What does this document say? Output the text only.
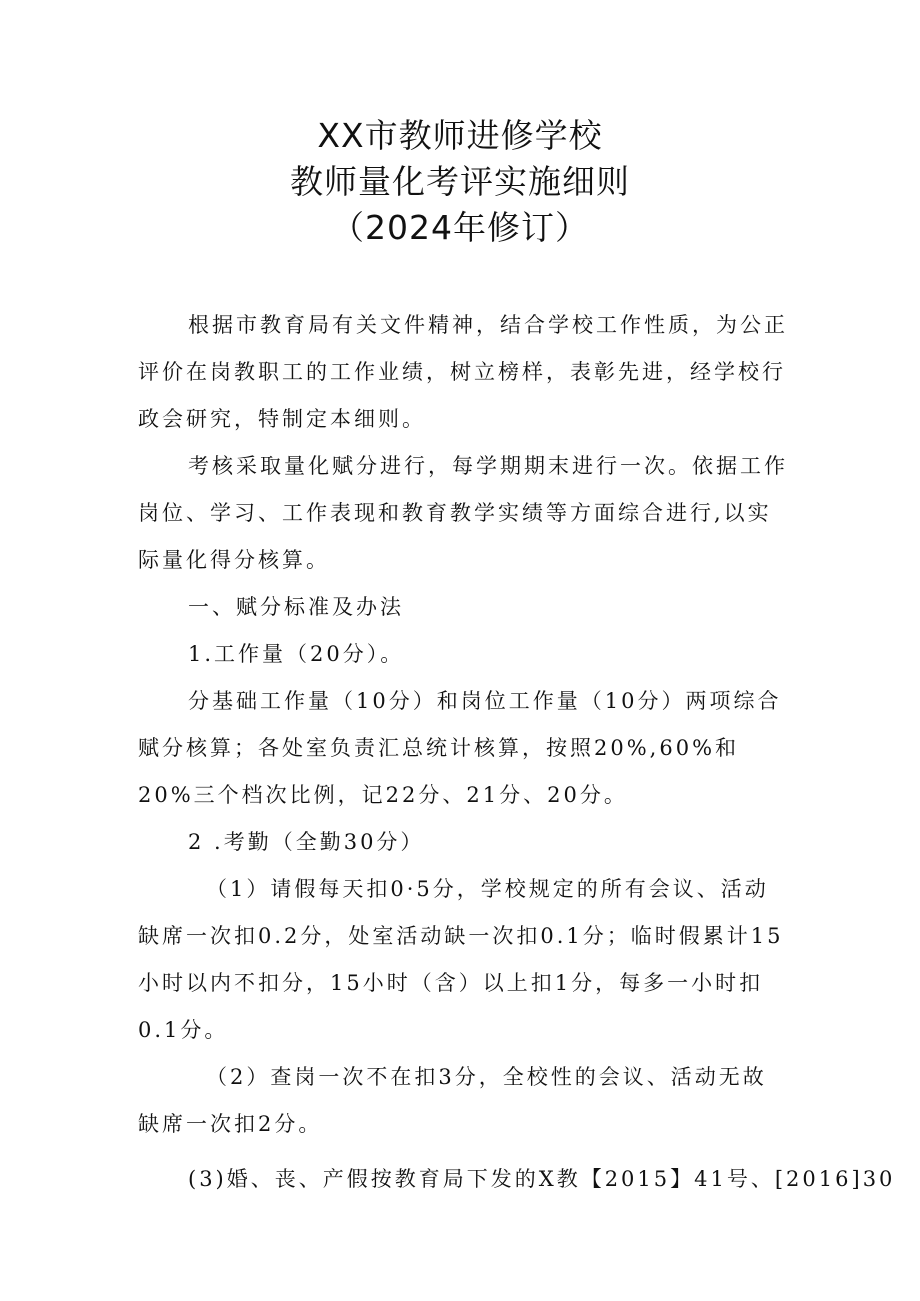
XX市教师进修学校
教师量化考评实施细则
（2024年修订）

根据市教育局有关文件精神，结合学校工作性质，为公正评价在岗教职工的工作业绩，树立榜样，表彰先进，经学校行政会研究，特制定本细则。

考核采取量化赋分进行，每学期期末进行一次。依据工作岗位、学习、工作表现和教育教学实绩等方面综合进行,以实际量化得分核算。

一、赋分标准及办法

1.工作量（20分）。

分基础工作量（10分）和岗位工作量（10分）两项综合赋分核算；各处室负责汇总统计核算，按照20%,60%和20%三个档次比例，记22分、21分、20分。

2 .考勤（全勤30分）

（1）请假每天扣0·5分，学校规定的所有会议、活动缺席一次扣0.2分，处室活动缺一次扣0.1分；临时假累计15小时以内不扣分，15小时（含）以上扣1分，每多一小时扣0.1分。

（2）查岗一次不在扣3分，全校性的会议、活动无故缺席一次扣2分。

(3)婚、丧、产假按教育局下发的X教【2015】41号、[2016]30
